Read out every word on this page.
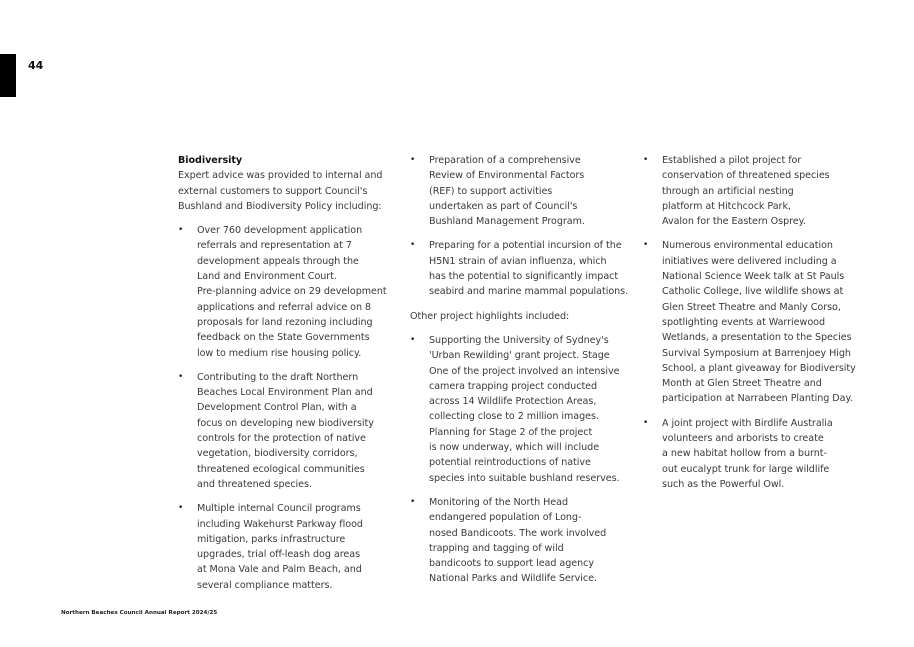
44
Biodiversity
Expert advice was provided to internal and
external customers to support Council's
Bushland and Biodiversity Policy including:
• Over 760 development application
referrals and representation at 7
development appeals through the
Land and Environment Court.
Pre-planning advice on 29 development
applications and referral advice on 8
proposals for land rezoning including
feedback on the State Governments
low to medium rise housing policy.
• Contributing to the draft Northern
Beaches Local Environment Plan and
Development Control Plan, with a
focus on developing new biodiversity
controls for the protection of native
vegetation, biodiversity corridors,
threatened ecological communities
and threatened species.
• Multiple internal Council programs
including Wakehurst Parkway flood
mitigation, parks infrastructure
upgrades, trial off-leash dog areas
at Mona Vale and Palm Beach, and
several compliance matters.
• Preparation of a comprehensive
Review of Environmental Factors
(REF) to support activities
undertaken as part of Council's
Bushland Management Program.
• Preparing for a potential incursion of the
H5N1 strain of avian influenza, which
has the potential to significantly impact
seabird and marine mammal populations.
Other project highlights included:
• Supporting the University of Sydney's
'Urban Rewilding' grant project. Stage
One of the project involved an intensive
camera trapping project conducted
across 14 Wildlife Protection Areas,
collecting close to 2 million images.
Planning for Stage 2 of the project
is now underway, which will include
potential reintroductions of native
species into suitable bushland reserves.
• Monitoring of the North Head
endangered population of Long-
nosed Bandicoots. The work involved
trapping and tagging of wild
bandicoots to support lead agency
National Parks and Wildlife Service.
• Established a pilot project for
conservation of threatened species
through an artificial nesting
platform at Hitchcock Park,
Avalon for the Eastern Osprey.
• Numerous environmental education
initiatives were delivered including a
National Science Week talk at St Pauls
Catholic College, live wildlife shows at
Glen Street Theatre and Manly Corso,
spotlighting events at Warriewood
Wetlands, a presentation to the Species
Survival Symposium at Barrenjoey High
School, a plant giveaway for Biodiversity
Month at Glen Street Theatre and
participation at Narrabeen Planting Day.
• A joint project with Birdlife Australia
volunteers and arborists to create
a new habitat hollow from a burnt-
out eucalypt trunk for large wildlife
such as the Powerful Owl.
Northern Beaches Council Annual Report 2024/25
